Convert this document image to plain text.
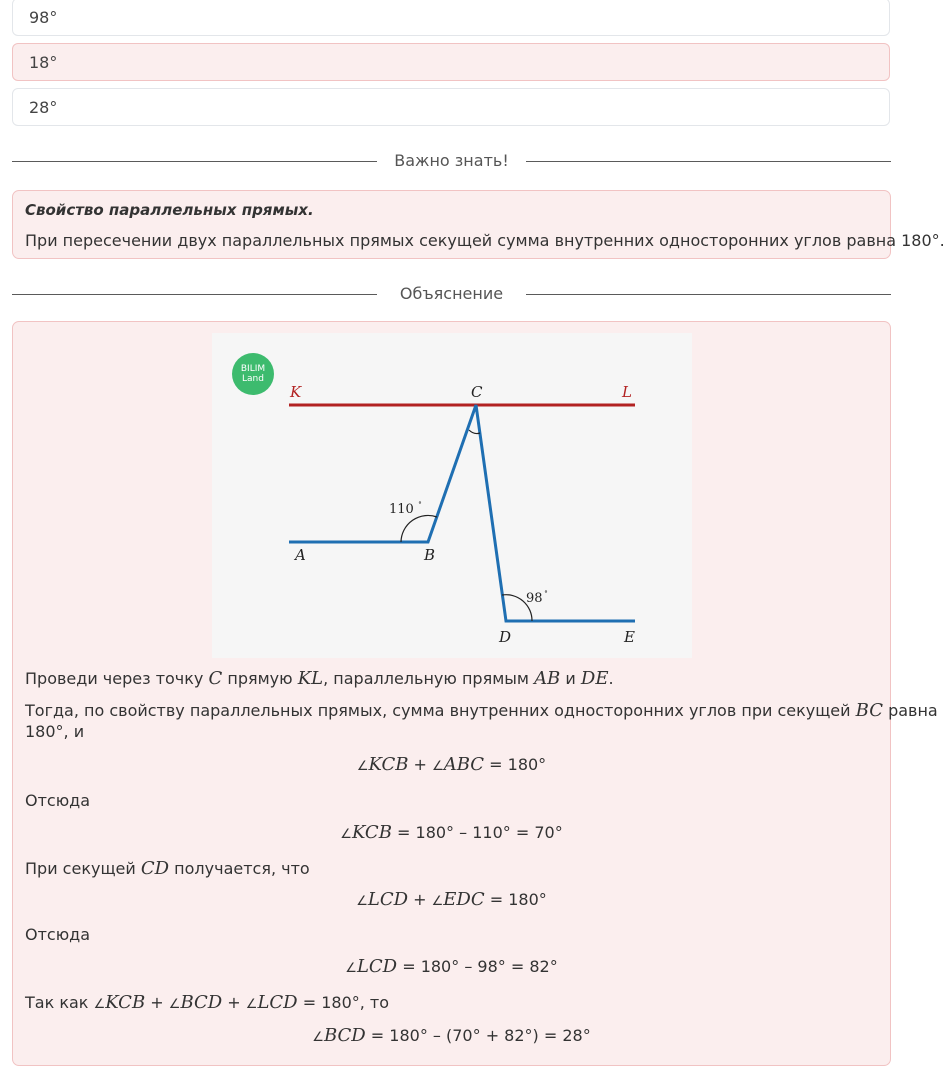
98°
18°
28°
Важно знать!
Свойство параллельных прямых.
При пересечении двух параллельных прямых секущей сумма внутренних односторонних углов равна 180°.
Объяснение
BILIM
Land
K	C	L
A	B
D	E
110 ∘
98 ∘
Проведи через точку C прямую KL, параллельную прямым AB и DE.
Тогда, по свойству параллельных прямых, сумма внутренних односторонних углов при секущей BC равна
180°, и
∠KCB + ∠ABC = 180°
Отсюда
∠KCB = 180° – 110° = 70°
При секущей CD получается, что
∠LCD + ∠EDC = 180°
Отсюда
∠LCD = 180° – 98° = 82°
Так как ∠KCB + ∠BCD + ∠LCD = 180°, то
∠BCD = 180° – (70° + 82°) = 28°
